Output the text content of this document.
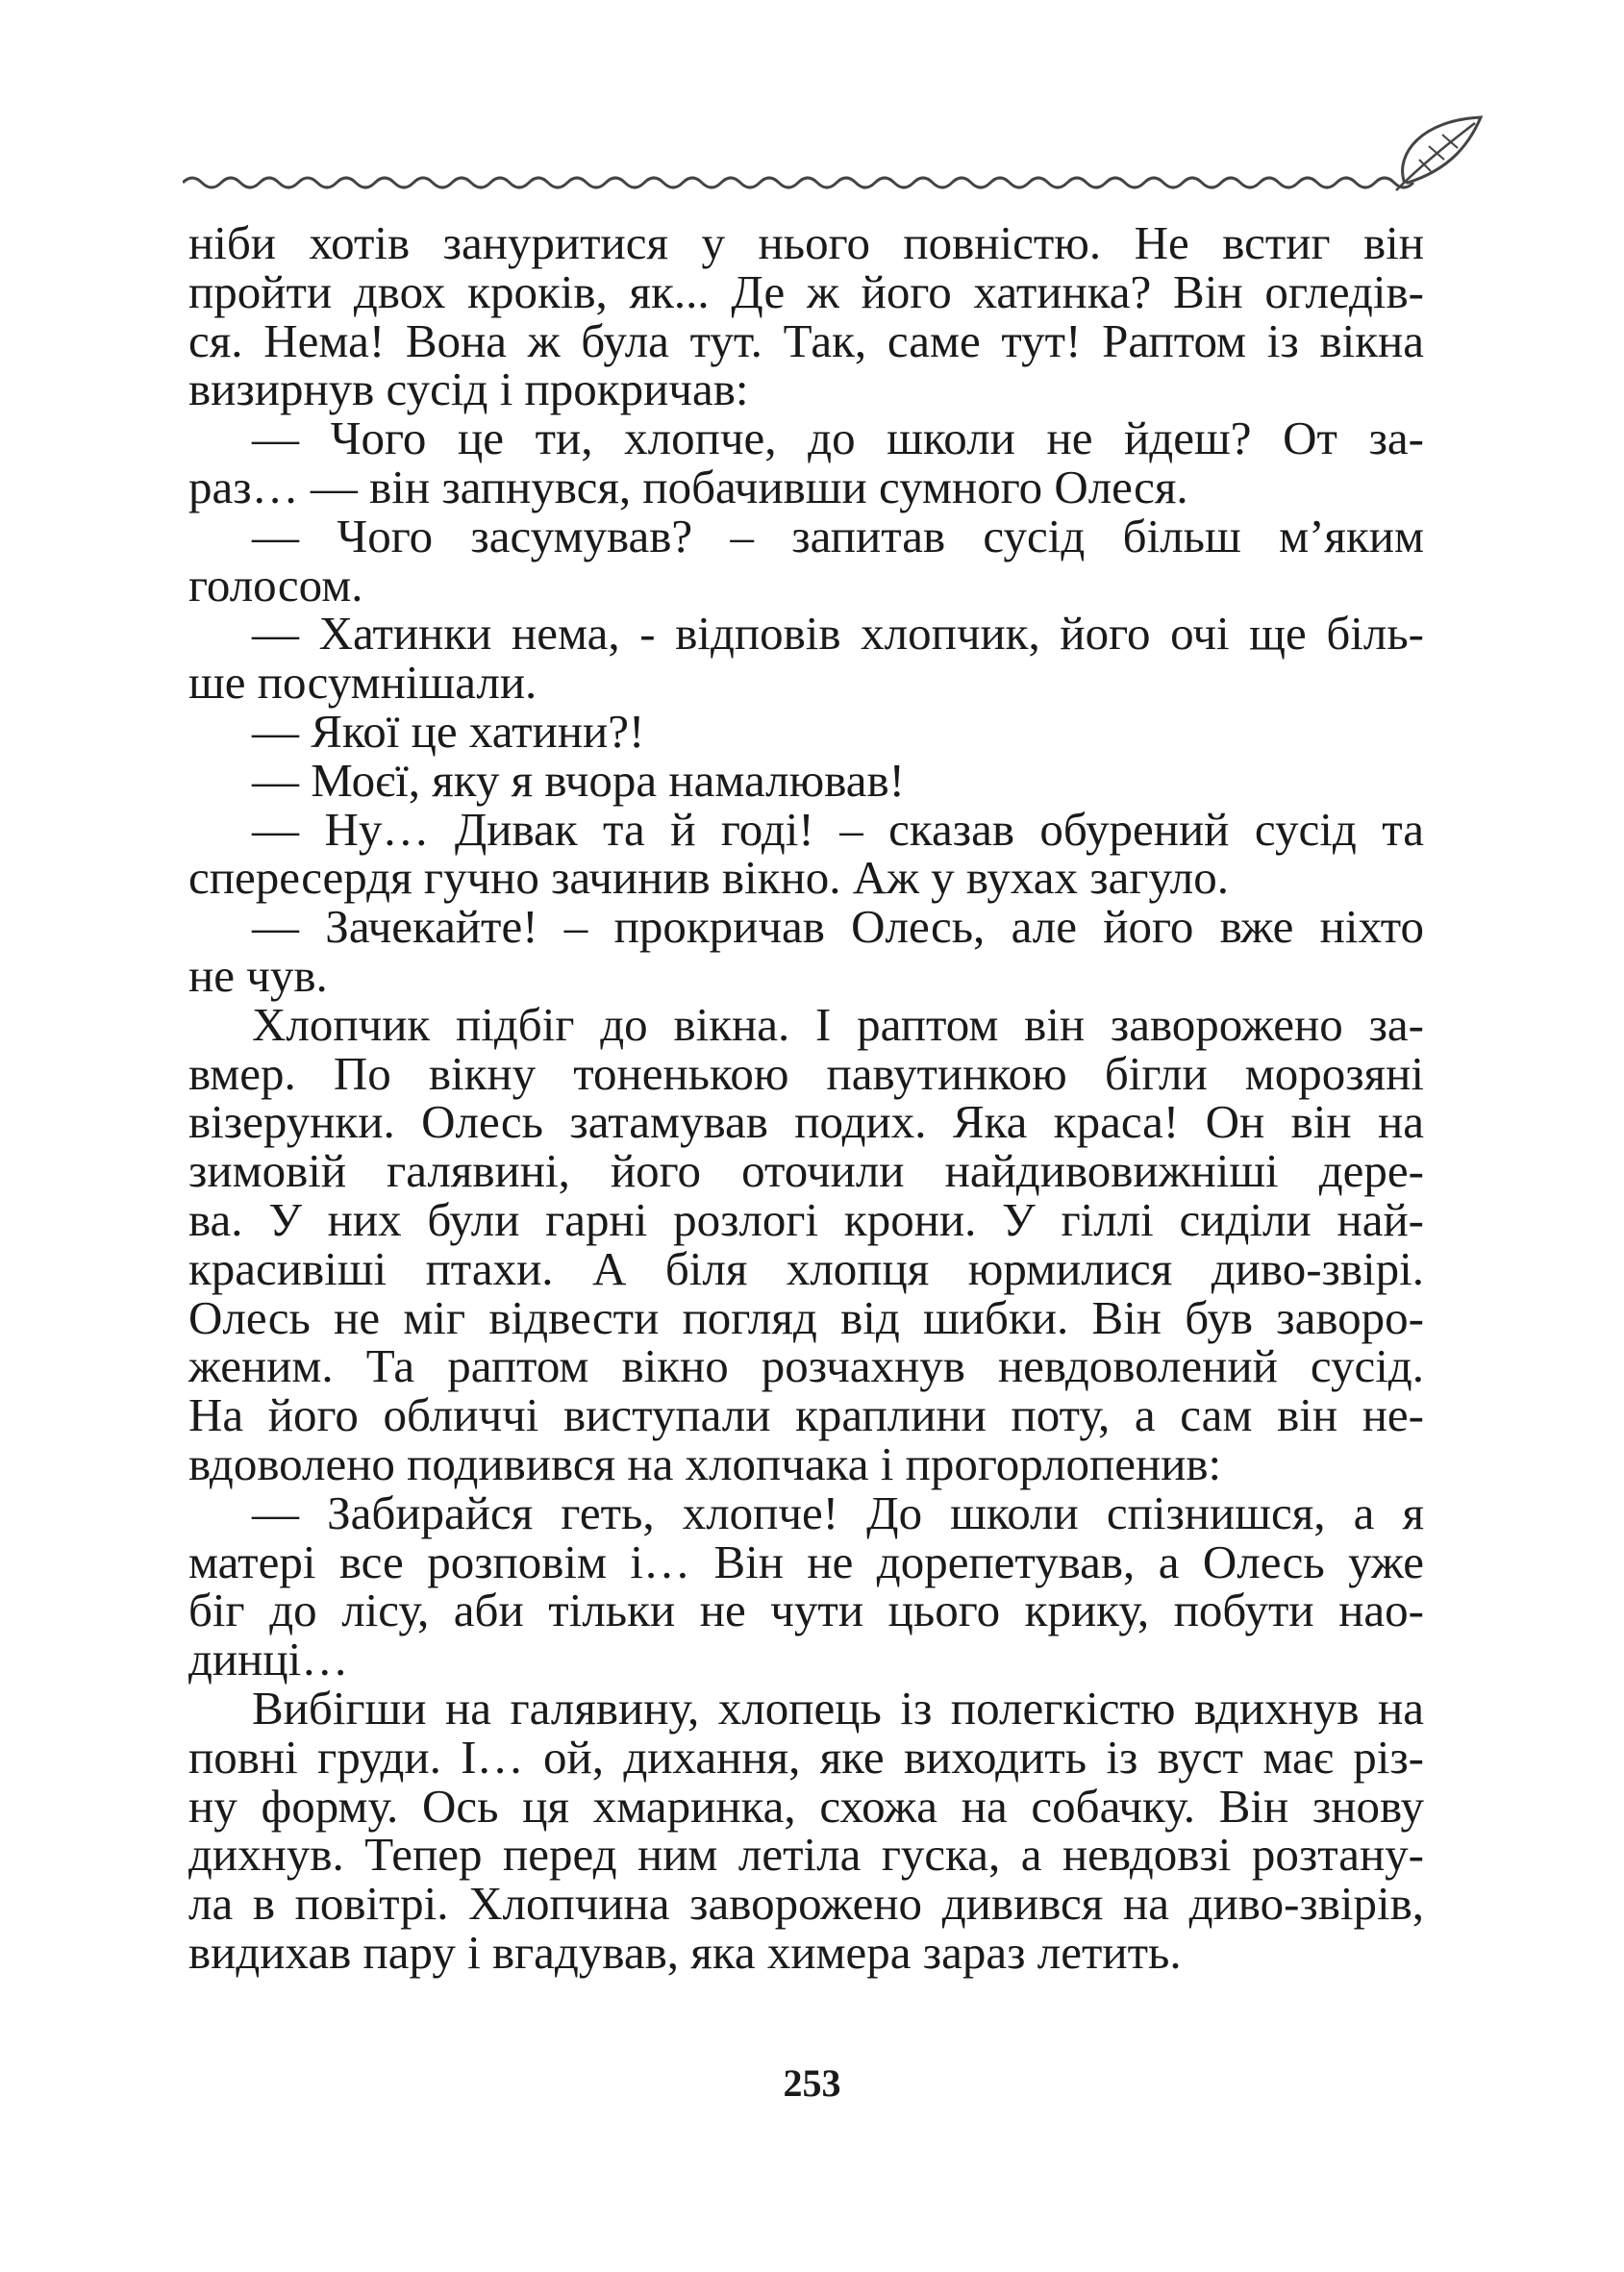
ніби хотів зануритися у нього повністю. Не встиг він
пройти двох кроків, як... Де ж його хатинка? Він огледів-
ся. Нема! Вона ж була тут. Так, саме тут! Раптом із вікна
визирнув сусід і прокричав:
— Чого це ти, хлопче, до школи не йдеш? От за-
раз… — він запнувся, побачивши сумного Олеся.
— Чого засумував? – запитав сусід більш м’яким
голосом.
— Хатинки нема, - відповів хлопчик, його очі ще біль-
ше посумнішали.
— Якої це хатини?!
— Моєї, яку я вчора намалював!
— Ну… Дивак та й годі! – сказав обурений сусід та
спересердя гучно зачинив вікно. Аж у вухах загуло.
— Зачекайте! – прокричав Олесь, але його вже ніхто
не чув.
Хлопчик підбіг до вікна. І раптом він заворожено за-
вмер. По вікну тоненькою павутинкою бігли морозяні
візерунки. Олесь затамував подих. Яка краса! Он він на
зимовій галявині, його оточили найдивовижніші дере-
ва. У них були гарні розлогі крони. У гіллі сиділи най-
красивіші птахи. А біля хлопця юрмилися диво-звірі.
Олесь не міг відвести погляд від шибки. Він був заворо-
женим. Та раптом вікно розчахнув невдоволений сусід.
На його обличчі виступали краплини поту, а сам він не-
вдоволено подивився на хлопчака і прогорлопенив:
— Забирайся геть, хлопче! До школи спізнишся, а я
матері все розповім і… Він не дорепетував, а Олесь уже
біг до лісу, аби тільки не чути цього крику, побути нао-
динці…
Вибігши на галявину, хлопець із полегкістю вдихнув на
повні груди. І… ой, дихання, яке виходить із вуст має різ-
ну форму. Ось ця хмаринка, схожа на собачку. Він знову
дихнув. Тепер перед ним летіла гуска, а невдовзі розтану-
ла в повітрі. Хлопчина заворожено дивився на диво-звірів,
видихав пару і вгадував, яка химера зараз летить.
253
